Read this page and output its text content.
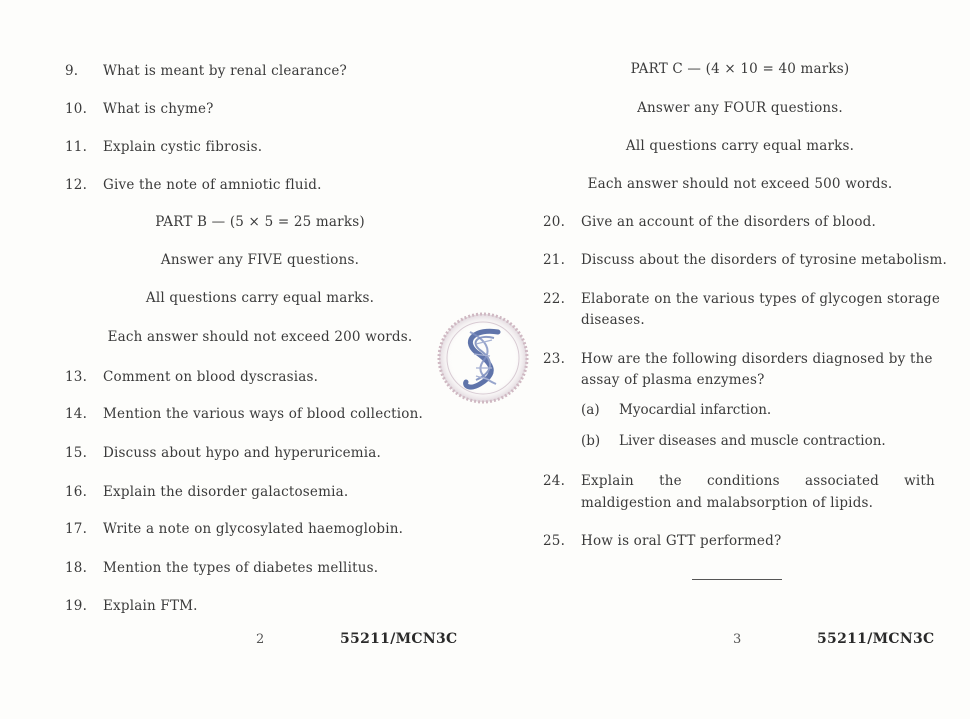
9.	What is meant by renal clearance?
10.	What is chyme?
11.	Explain cystic fibrosis.
12.	Give the note of amniotic fluid.
PART B — (5 × 5 = 25 marks)
Answer any FIVE questions.
All questions carry equal marks.
Each answer should not exceed 200 words.
13.	Comment on blood dyscrasias.
14.	Mention the various ways of blood collection.
15.	Discuss about hypo and hyperuricemia.
16.	Explain the disorder galactosemia.
17.	Write a note on glycosylated haemoglobin.
18.	Mention the types of diabetes mellitus.
19.	Explain FTM.
2	55211/MCN3C
PART C — (4 × 10 = 40 marks)
Answer any FOUR questions.
All questions carry equal marks.
Each answer should not exceed 500 words.
20.	Give an account of the disorders of blood.
21.	Discuss about the disorders of tyrosine metabolism.
22.	Elaborate on the various types of glycogen storage
diseases.
23.	How are the following disorders diagnosed by the
assay of plasma enzymes?
(a) Myocardial infarction.
(b) Liver diseases and muscle contraction.
24.	Explain the conditions associated with
maldigestion and malabsorption of lipids.
25.	How is oral GTT performed?
3	55211/MCN3C
